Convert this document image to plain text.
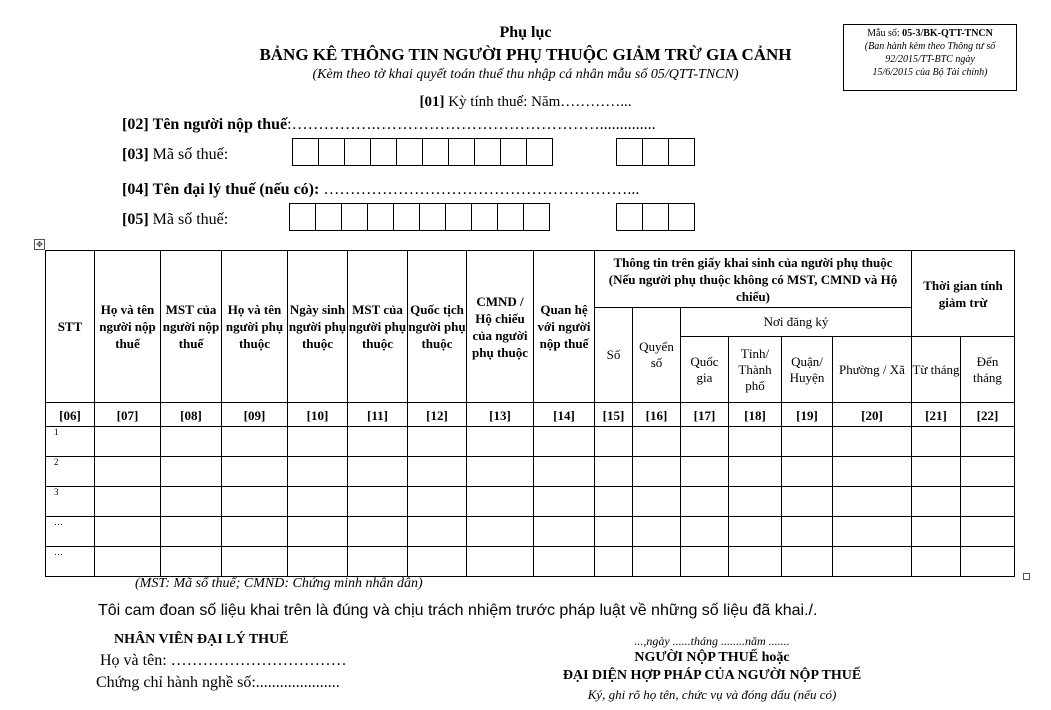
Mẫu số: 05-3/BK-QTT-TNCN
(Ban hành kèm theo Thông tư số
92/2015/TT-BTC ngày
15/6/2015 của Bộ Tài chính)
Phụ lục
BẢNG KÊ THÔNG TIN NGƯỜI PHỤ THUỘC GIẢM TRỪ GIA CẢNH
(Kèm theo tờ khai quyết toán thuế thu nhập cá nhân mẫu số 05/QTT-TNCN)
[01] Kỳ tính thuế: Năm…………...
[02] Tên người nộp thuế:…………….……………………………………..............
[03] Mã số thuế:
[04] Tên đại lý thuế (nếu có): …………………………………………………...
[05] Mã số thuế:
✥
STT	Họ và tên người nộp thuế	MST của người nộp thuế	Họ và tên người phụ thuộc	Ngày sinh người phụ thuộc	MST của người phụ thuộc	Quốc tịch người phụ thuộc	CMND / Hộ chiếu của người phụ thuộc	Quan hệ với người nộp thuế	Thông tin trên giấy khai sinh của người phụ thuộc (Nếu người phụ thuộc không có MST, CMND và Hộ chiếu)						Thời gian tính giảm trừ	
									Số	Quyển số	Nơi đăng ký					
											Quốc gia	Tỉnh/ Thành phố	Quận/ Huyện	Phường / Xã	Từ tháng	Đến tháng
[06]	[07]	[08]	[09]	[10]	[11]	[12]	[13]	[14]	[15]	[16]	[17]	[18]	[19]	[20]	[21]	[22]
1																
2																
3																
…																
…																
(MST: Mã số thuế; CMND: Chứng minh nhân dân)
Tôi cam đoan số liệu khai trên là đúng và chịu trách nhiệm trước pháp luật về những số liệu đã khai./.
NHÂN VIÊN ĐẠI LÝ THUẾ
Họ và tên: ……………………………
Chứng chỉ hành nghề số:.....................
...,ngày ......tháng ........năm .......
NGƯỜI NỘP THUẾ hoặc
ĐẠI DIỆN HỢP PHÁP CỦA NGƯỜI NỘP THUẾ
Ký, ghi rõ họ tên, chức vụ và đóng dấu (nếu có)
